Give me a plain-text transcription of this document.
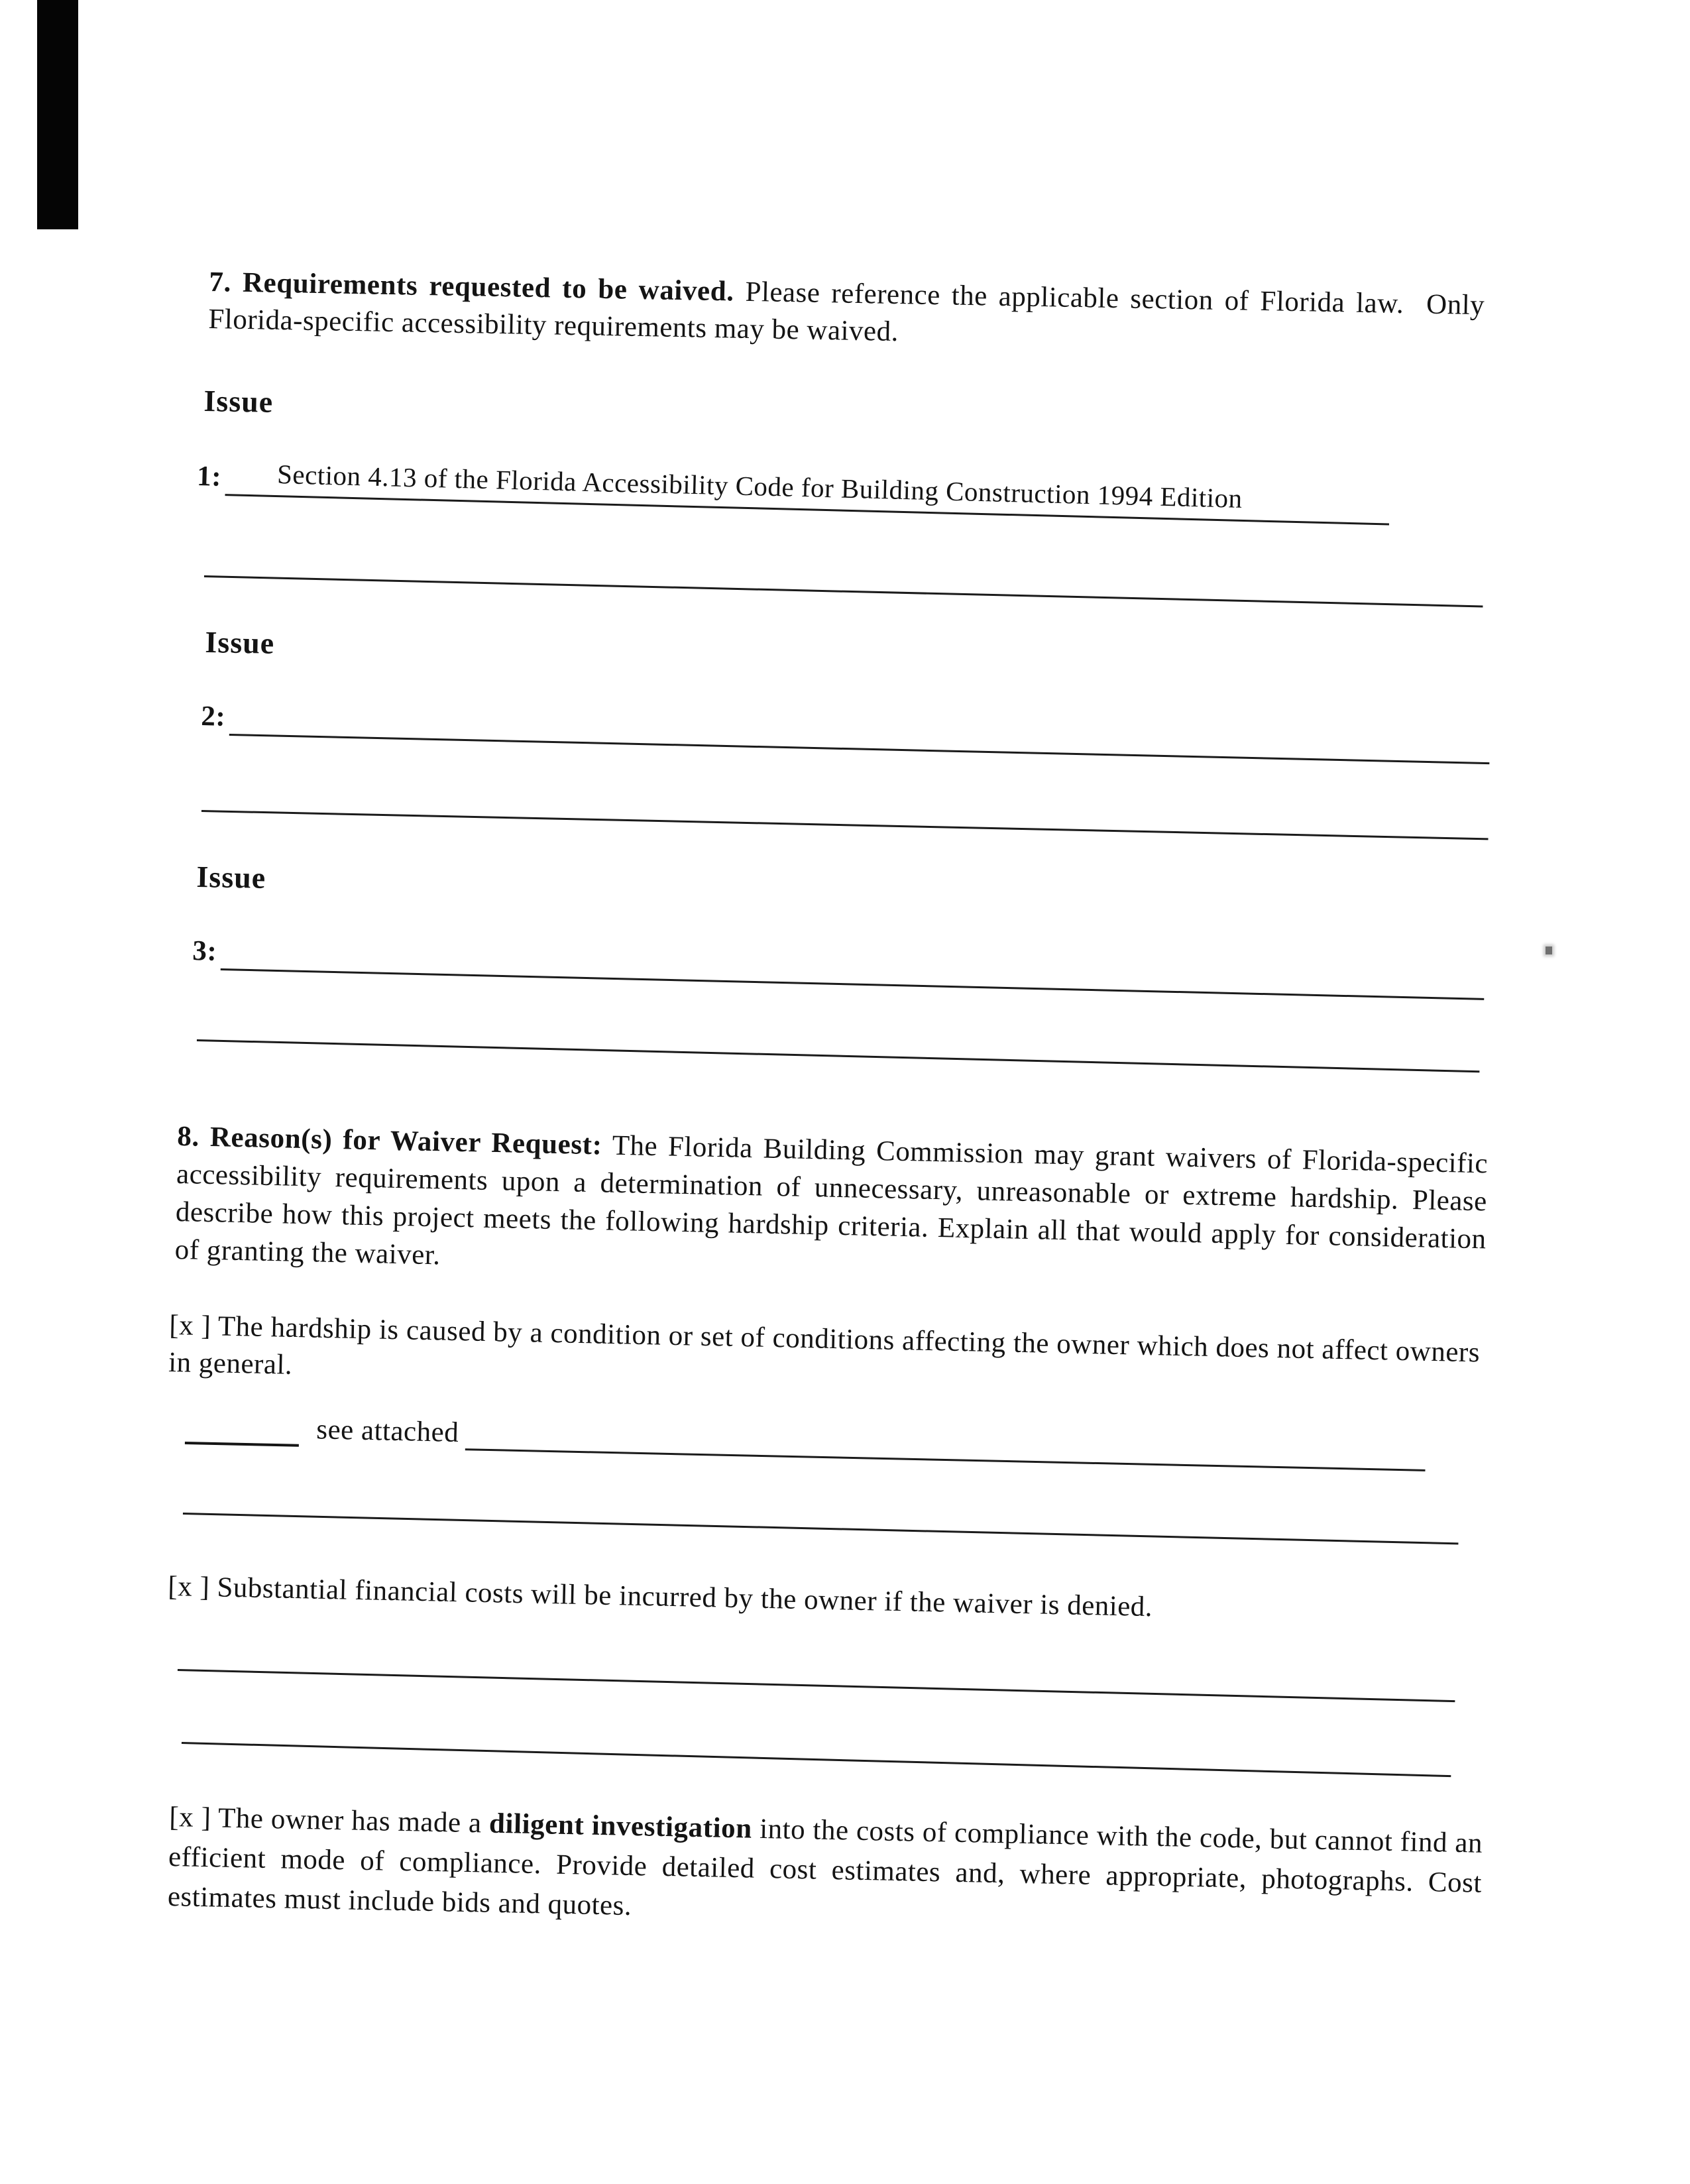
7. Requirements requested to be waived. Please reference the applicable section of Florida law.  Only Florida-specific accessibility requirements may be waived.
Issue
1:	Section 4.13 of the Florida Accessibility Code for Building Construction 1994 Edition
Issue
2:
Issue
3:
8. Reason(s) for Waiver Request: The Florida Building Commission may grant waivers of Florida-specific accessibility requirements upon a determination of unnecessary, unreasonable or extreme hardship. Please describe how this project meets the following hardship criteria. Explain all that would apply for consideration of granting the waiver.
[x ] The hardship is caused by a condition or set of conditions affecting the owner which does not affect owners in general.
see attached
[x ] Substantial financial costs will be incurred by the owner if the waiver is denied.
[x ] The owner has made a diligent investigation into the costs of compliance with the code, but cannot find an efficient mode of compliance. Provide detailed cost estimates and, where appropriate, photographs. Cost estimates must include bids and quotes.
